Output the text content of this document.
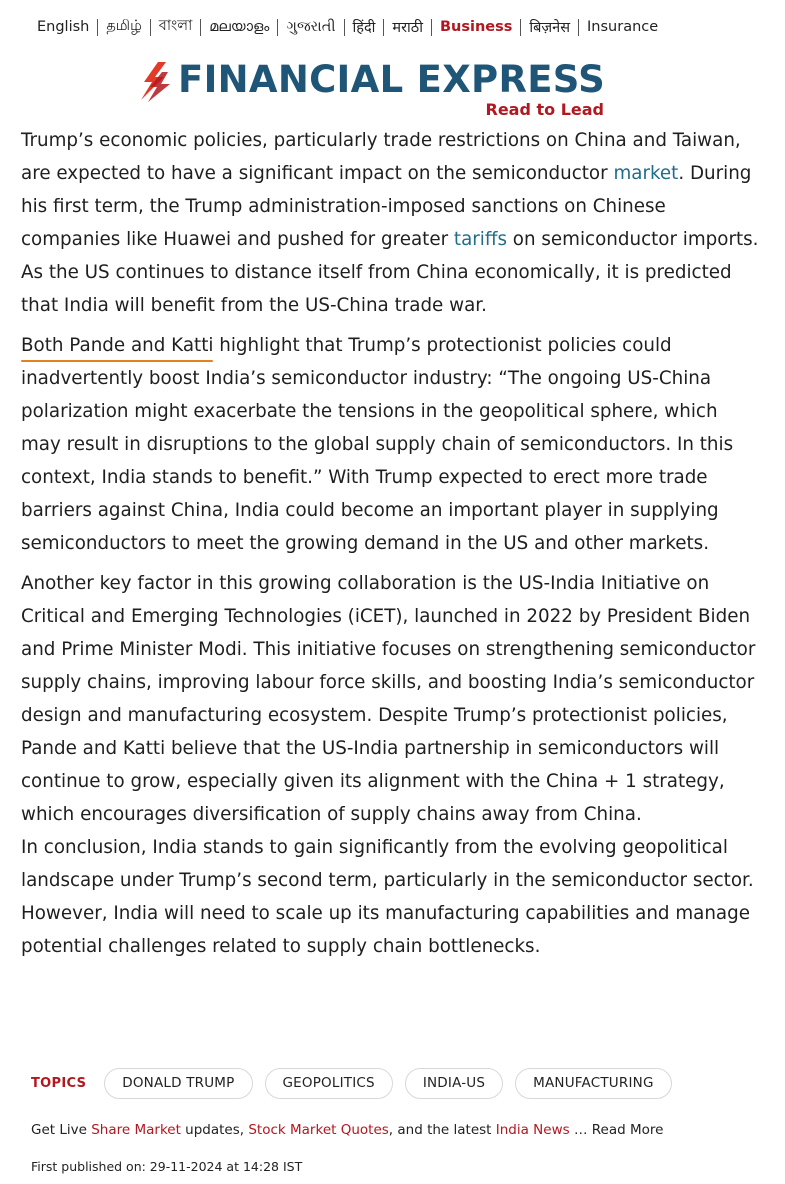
English தமிழ் বাংলা മലയാളം ગુજરાતી हिंदी मराठी Business बिज़नेस Insurance
FINANCIAL EXPRESS
Read to Lead

Trump’s economic policies, particularly trade restrictions on China and Taiwan, are expected to have a significant impact on the semiconductor market. During his first term, the Trump administration-imposed sanctions on Chinese companies like Huawei and pushed for greater tariffs on semiconductor imports. As the US continues to distance itself from China economically, it is predicted that India will benefit from the US-China trade war.

Both Pande and Katti
highlight that Trump’s protectionist policies could inadvertently boost India’s semiconductor industry: “The ongoing US-China polarization might exacerbate the tensions in the geopolitical sphere, which may result in disruptions to the global supply chain of semiconductors. In this context, India stands to benefit.” With Trump expected to erect more trade barriers against China, India could become an important player in supplying semiconductors to meet the growing demand in the US and other markets.

Another key factor in this growing collaboration is the US-India Initiative on Critical and Emerging Technologies (iCET), launched in 2022 by President Biden and Prime Minister Modi. This initiative focuses on strengthening semiconductor supply chains, improving labour force skills, and boosting India’s semiconductor design and manufacturing ecosystem. Despite Trump’s protectionist policies, Pande and Katti believe that the US-India partnership in semiconductors will continue to grow, especially given its alignment with the China + 1 strategy, which encourages diversification of supply chains away from China.

In conclusion, India stands to gain significantly from the evolving geopolitical landscape under Trump’s second term, particularly in the semiconductor sector. However, India will need to scale up its manufacturing capabilities and manage potential challenges related to supply chain bottlenecks.

TOPICS	DONALD TRUMP	GEOPOLITICS	INDIA-US	MANUFACTURING
Get Live Share Market updates, Stock Market Quotes, and the latest India News … Read More
First published on: 29-11-2024 at 14:28 IST
